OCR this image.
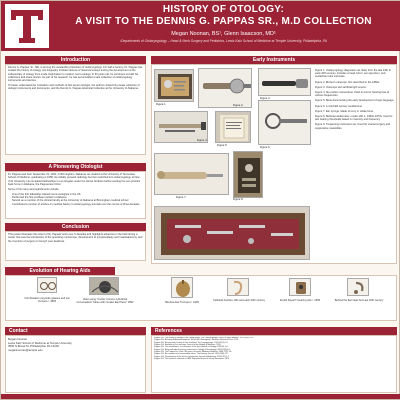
HISTORY OF OTOLOGY:
A VISIT TO THE DENNIS G. PAPPAS SR., M.D COLLECTION
Megan Noonan, BS¹, Glenn Isaacson, MD¹
¹Departments of Otolaryngology – Head & Neck Surgery and Pediatrics, Lewis Katz School of Medicine at Temple University, Philadelphia, PA
Introduction

Dennis G. Pappas, Sr., MD, is among the outstanding historians of otolaryngology. For half a century, Dr. Pappas has studied the history of otology. His biography includes dozens of historical essays tracing the development of the subspecialty of otology from crude trephination to modern neuro-otology. In 50 years old, he continues to build his collections and share stories. As part of his research, he has accumulated a vast collection of otolaryngology instruments and devices.

To better understand the motivation and methods of this senior otologist, the authors visited his private collection of otologic instruments and documents, and the Dennis G. Pappas Historical Collection at the University of Alabama.

A Pioneering Otologist

Dr. Pappas was born September 23, 1931, in Birmingham, Alabama. He studied at the University of Tennessee School of Medicine, graduating in 1958. He initially pursued radiology but then switched into otolaryngology at New York University. He completed fellowships in Los Angeles under the House brothers before starting his own practice back home in Alabama, the Pappas Ear Clinic.

Some of his many accomplishments include:

• One of the first fellowship-trained neuro-otologists in the US
• Performed the first cochlear implant in Alabama
• Served as a member of the clinical faculty at the University of Alabama at Birmingham medical school
• Contributed a number of articles on medical history to otolaryngology journals over the course of three decades
Conclusion

This poster illustrates the extent of Dr. Pappas' work over 6 decades and highlights advances in the field during a career that saw the introduction of the operating microscope, development of tympanoplasty and mastoidectomy, and the invention of surgery to triumph over deafness.

Early Instruments
Figure 1.	Figure 2.
Figure 3.
Figure 4.
Figure 5.
Figure 6.
Figure 7.
Figure 8.

Figure 1. Otolaryngology diagnostic set, likely from the late 19th to early 20th century. Includes a head mirror, ear speculum, and eustachian tube cannulas.

Figure 2. Bruber's otoscope, first described in the 1860s.

Figure 3. Otoscope with artificial light source.

Figure 4. Sle pothen monaurtical. Used to test for hearing loss at various frequencies.

Figure 5. Book documenting the early development of sign language.

Figure 6. A mid-19th century tonsillotome.

Figure 7. Ear syringe. Made of ivory or whale bone.

Figure 8. Bellicula audiometer, model 10C-1, 1960s-1970s. Used to test hearing thresholds based on intensity and frequency.

Figure 9. Trepanning instrument set. Used for cranial surgery and suppurative mastoiditis.

Evolution of Hearing Aids
Combination Lorgnette glasses and ear trumpet c. 1865
Claro using "Carrier Convex-cylindrical Conversation Tubes with Croake Ear Piece" 1892	Beehive Ear Trumpet c. 1900
Celluloid Auricles 19th and early 20th century	Zenith Royal T Hearing Aid c. 1955	Behind the Ear Hear Aid Late 20th century
Contact
Megan Noonan
Lewis Katz School of Medicine at Temple University
3500 N Broad St, Philadelphia, PA 19140
megannoonan@temple.edu
References
Pappas DG. The history of otology in the United States. The Otolaryngologic Clinics of North America. 1997;30(5):1-10.
Pappas DG. A history of Alabama medicine 1819-1990. Birmingham: Southern Historical Press; 1991.
Pappas DG. Hearing aids: history of their evolution. The Laryngoscope. 1995;105(1):1-5.
Pappas DG. Evolution of the otoscope. Journal of the History of Medicine. 1999.
Pappas DG. The tonsillotome: an instrument of the past. Annals of Otology. 1985;94:1-4.
Pappas DG. Early methods of hearing assessment. Otology & Neurotology. 2002;23(3):1-6.
Pappas DG. The Pappas Ear Clinic: fifty years of service. Alabama Medicine. 2008;77(2):1-8.
Pappas DG. Ear trumpets and conversation tubes. The Hearing Journal. 1990;43(6):1-4.
Pappas DG. Development of the electric hearing aid. Journal of Audiology. 1993;12(1):1-7.
Pappas DG. The historical collection at UAB. Reynolds Historical Library Newsletter. 2010.
